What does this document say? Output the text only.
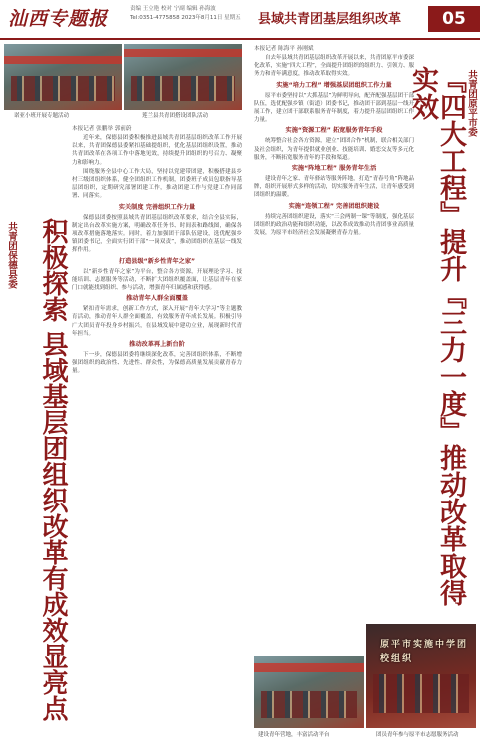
汕西专题报	责编 王立艳 校对 宁副 编辑 孙海波
Tel:0351-4775858 2023年8月11日 星期五	县域共青团基层组织改革	05
诺亚小班开展专题活动	莲兰县共青团搭设团队活动
共青团保德县委 积极探索 县域基层团组织改革有成效显亮点
本报记者 张鹏举 郭前蔚

近年来，保德县团委积极推进县域共青团基层组织改革工作开展以来，共青团保德县委紧扣基础提组织，优化基层团组织设置，推动共青团改革在各项工作中落地见效，持续提升团组织的号召力、凝聚力和影响力。

围绕服务全县中心工作大局，坚持以党建带团建，积极搭建县乡村三级团组织体系，健全团组织工作机制，团委班子成员包联指导基层团组织，定期研究部署团建工作，推动团建工作与党建工作同部署、同落实。

实关制度 完善组织工作力量

保德县团委按照县域共青团基层组织改革要求，结合全县实际，制定出台改革实施方案，明确改革任务书、时间表和路线图，确保各项改革措施落地落实。同时，着力加强团干部队伍建设，选优配强乡镇团委书记，全面实行团干部“一岗双责”，推动团组织在基层一线发挥作用。

打造县级“新乡性青年之家”

以“新乡性青年之家”为平台，整合各方资源，开展理论学习、技能培训、志愿服务等活动，不断扩大团组织覆盖面，让基层青年在家门口就能找到组织、参与活动，增强青年归属感和获得感。

推动青年人群全面覆盖

紧扣青年需求，创新工作方式，深入开展“青年大学习”等主题教育活动，推动青年人群全面覆盖，有效服务青年成长发展。积极引导广大团员青年投身乡村振兴，在县域发展中建功立业，展现新时代青年担当。

推动改革再上新台阶

下一步，保德县团委将继续深化改革，完善团组织体系，不断增强团组织的政治性、先进性、群众性，为保德高质量发展贡献青春力量。

本报记者 陈海平 孙刚斌
共青团原平市委
『四大工程』提升『三力一度』推动改革取得实效

自去年县域共青团基层组织改革开展以来，共青团原平市委深化改革，实施“四大工程”，全面提升团组织的组织力、引领力、服务力和青年满意度，推动改革取得实效。

实施“培力工程” 增强基层团组织工作力量

原平市委坚持以“大抓基层”为鲜明导向，配齐配强基层团干部队伍，选优配强乡镇（街道）团委书记，推动团干部到基层一线开展工作，建立团干部联系服务青年制度，着力提升基层团组织工作力量。

实施“资源工程” 拓宽服务青年手段

统筹整合社会各方资源，建立“团团合作”机制，联合相关部门及社会组织，为青年提供就业创业、技能培训、婚恋交友等多元化服务，不断拓宽服务青年的手段和渠道。

实施“阵地工程” 服务青年生活

建设青年之家、青年驿站等服务阵地，打造“青春号角”阵地品牌，组织开展形式多样的活动，切实服务青年生活，让青年感受到团组织的温暖。

实施“连领工程” 完善团组织建设

持续完善团组织建设，落实“三会两制一课”等制度，强化基层团组织的政治功能和组织功能，以改革成效推动共青团事业高质量发展，为原平市经济社会发展凝聚青春力量。

原平市实施中学团校组织
建设青年营地，丰富活动平台	团员青年参与原平市志愿服务活动
